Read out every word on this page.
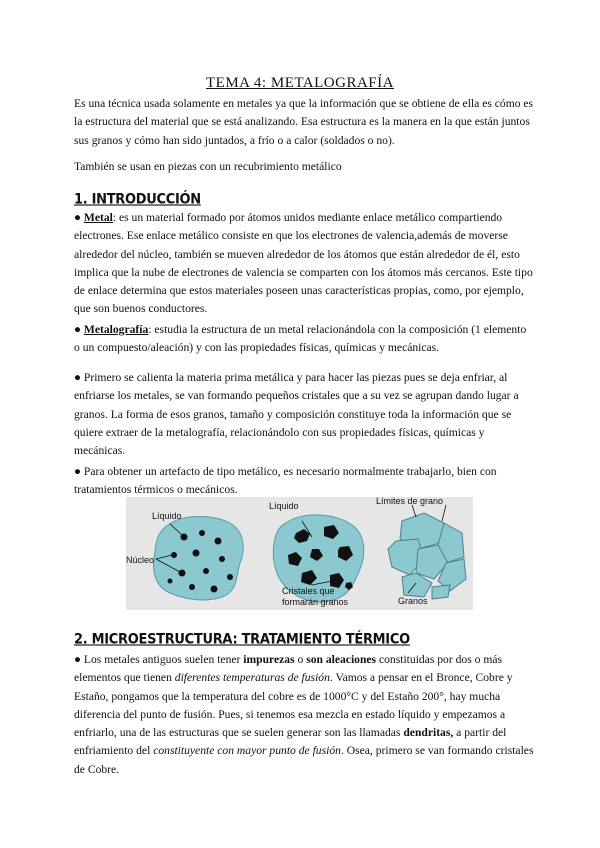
TEMA 4: METALOGRAFÍA
Es una técnica usada solamente en metales ya que la información que se obtiene de ella es cómo es la estructura del material que se está analizando. Esa estructura es la manera en la que están juntos sus granos y cómo han sido juntados, a frío o a calor (soldados o no).
También se usan en piezas con un recubrimiento metálico
1. INTRODUCCIÓN
● Metal: es un material formado por átomos unidos mediante enlace metálico compartiendo electrones. Ese enlace metálico consiste en que los electrones de valencia,además de moverse alrededor del núcleo, también se mueven alrededor de los átomos que están alrededor de él, esto implica que la nube de electrones de valencia se comparten con los átomos más cercanos. Este tipo de enlace determina que estos materiales poseen unas características propias, como, por ejemplo, que son buenos conductores.
● Metalografía: estudia la estructura de un metal relacionándola con la composición (1 elemento o un compuesto/aleación) y con las propiedades físicas, químicas y mecánicas.
● Primero se calienta la materia prima metálica y para hacer las piezas pues se deja enfriar, al enfriarse los metales, se van formando pequeños cristales que a su vez se agrupan dando lugar a granos. La forma de esos granos, tamaño y composición constituye toda la información que se quiere extraer de la metalografía, relacionándolo con sus propiedades físicas, químicas y mecánicas.
● Para obtener un artefacto de tipo metálico, es necesario normalmente trabajarlo, bien con tratamientos térmicos o mecánicos.
Líquido
Núcleo
Líquido
Cristales que
formarán granos
Límites de grano
Granos
2. MICROESTRUCTURA: TRATAMIENTO TÉRMICO
● Los metales antiguos suelen tener impurezas o son aleaciones constituidas por dos o más elementos que tienen diferentes temperaturas de fusión. Vamos a pensar en el Bronce, Cobre y Estaño, pongamos que la temperatura del cobre es de 1000°C y del Estaño 200°, hay mucha diferencia del punto de fusión. Pues, si tenemos esa mezcla en estado líquido y empezamos a enfriarlo, una de las estructuras que se suelen generar son las llamadas dendritas, a partir del enfriamiento del constituyente con mayor punto de fusión. Osea, primero se van formando cristales de Cobre.
